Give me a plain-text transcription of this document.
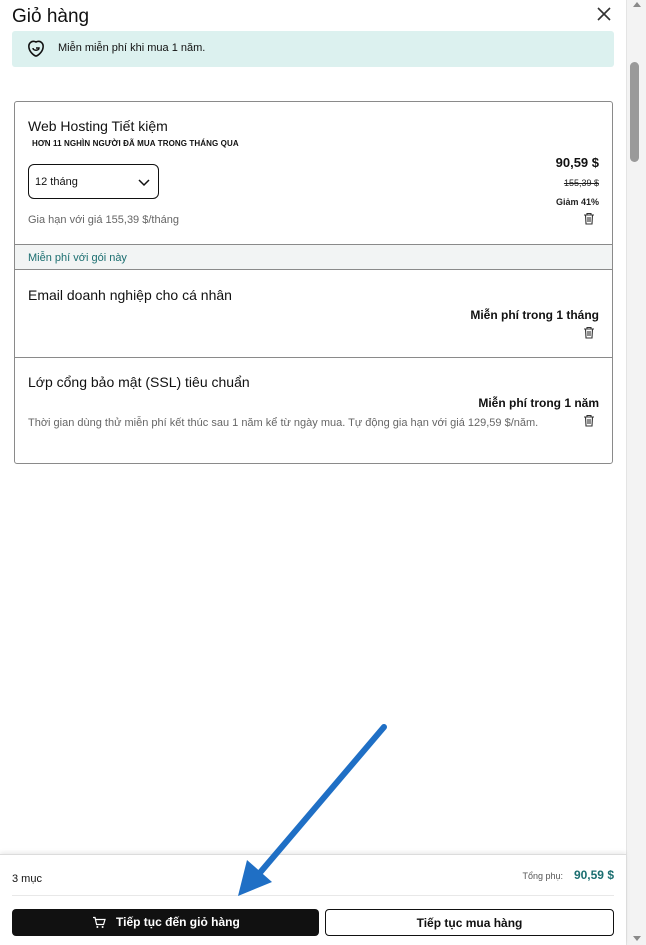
Giỏ hàng
Miễn miễn phí khi mua 1 năm.
Web Hosting Tiết kiệm
HƠN 11 NGHÌN NGƯỜI ĐÃ MUA TRONG THÁNG QUA
90,59 $
155,39 $
Giảm 41%
12 tháng
Gia hạn với giá 155,39 $/tháng
Miễn phí với gói này
Email doanh nghiệp cho cá nhân
Miễn phí trong 1 tháng
Lớp cổng bảo mật (SSL) tiêu chuẩn
Miễn phí trong 1 năm
Thời gian dùng thử miễn phí kết thúc sau 1 năm kể từ ngày mua. Tự động gia hạn với giá 129,59 $/năm.
3 mục	Tổng phụ: 90,59 $
Tiếp tục đến giỏ hàng	Tiếp tục mua hàng
